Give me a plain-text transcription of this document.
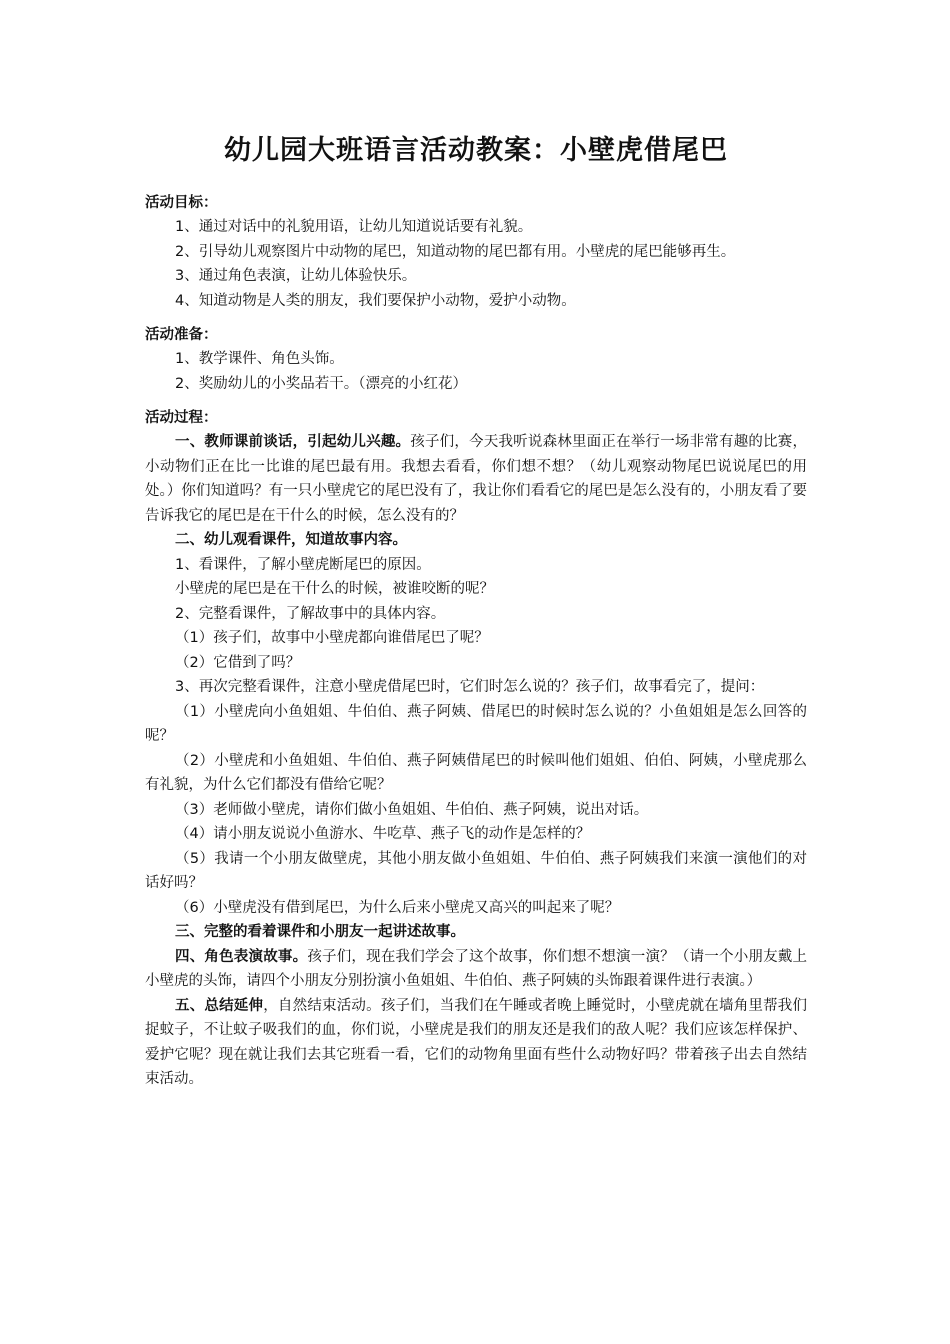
幼儿园大班语言活动教案：小壁虎借尾巴

活动目标：

1、通过对话中的礼貌用语，让幼儿知道说话要有礼貌。

2、引导幼儿观察图片中动物的尾巴，知道动物的尾巴都有用。小壁虎的尾巴能够再生。

3、通过角色表演，让幼儿体验快乐。

4、知道动物是人类的朋友，我们要保护小动物，爱护小动物。

活动准备：

1、教学课件、角色头饰。

2、奖励幼儿的小奖品若干。（漂亮的小红花）

活动过程：

一、教师课前谈话，引起幼儿兴趣。孩子们，今天我听说森林里面正在举行一场非常有趣的比赛，小动物们正在比一比谁的尾巴最有用。我想去看看，你们想不想？（幼儿观察动物尾巴说说尾巴的用处。）你们知道吗？有一只小壁虎它的尾巴没有了，我让你们看看它的尾巴是怎么没有的，小朋友看了要告诉我它的尾巴是在干什么的时候，怎么没有的？

二、幼儿观看课件，知道故事内容。

1、看课件，了解小壁虎断尾巴的原因。

小壁虎的尾巴是在干什么的时候，被谁咬断的呢？

2、完整看课件，了解故事中的具体内容。

（1）孩子们，故事中小壁虎都向谁借尾巴了呢？

（2）它借到了吗？

3、再次完整看课件，注意小壁虎借尾巴时，它们时怎么说的？孩子们，故事看完了，提问：

（1）小壁虎向小鱼姐姐、牛伯伯、燕子阿姨、借尾巴的时候时怎么说的？小鱼姐姐是怎么回答的呢？

（2）小壁虎和小鱼姐姐、牛伯伯、燕子阿姨借尾巴的时候叫他们姐姐、伯伯、阿姨，小壁虎那么有礼貌，为什么它们都没有借给它呢？

（3）老师做小壁虎，请你们做小鱼姐姐、牛伯伯、燕子阿姨，说出对话。

（4）请小朋友说说小鱼游水、牛吃草、燕子飞的动作是怎样的？

（5）我请一个小朋友做壁虎，其他小朋友做小鱼姐姐、牛伯伯、燕子阿姨我们来演一演他们的对话好吗？

（6）小壁虎没有借到尾巴，为什么后来小壁虎又高兴的叫起来了呢？

三、完整的看着课件和小朋友一起讲述故事。

四、角色表演故事。孩子们，现在我们学会了这个故事，你们想不想演一演？（请一个小朋友戴上小壁虎的头饰，请四个小朋友分别扮演小鱼姐姐、牛伯伯、燕子阿姨的头饰跟着课件进行表演。）

五、总结延伸，自然结束活动。孩子们，当我们在午睡或者晚上睡觉时，小壁虎就在墙角里帮我们捉蚊子，不让蚊子吸我们的血，你们说，小壁虎是我们的朋友还是我们的敌人呢？我们应该怎样保护、爱护它呢？现在就让我们去其它班看一看，它们的动物角里面有些什么动物好吗？带着孩子出去自然结束活动。
